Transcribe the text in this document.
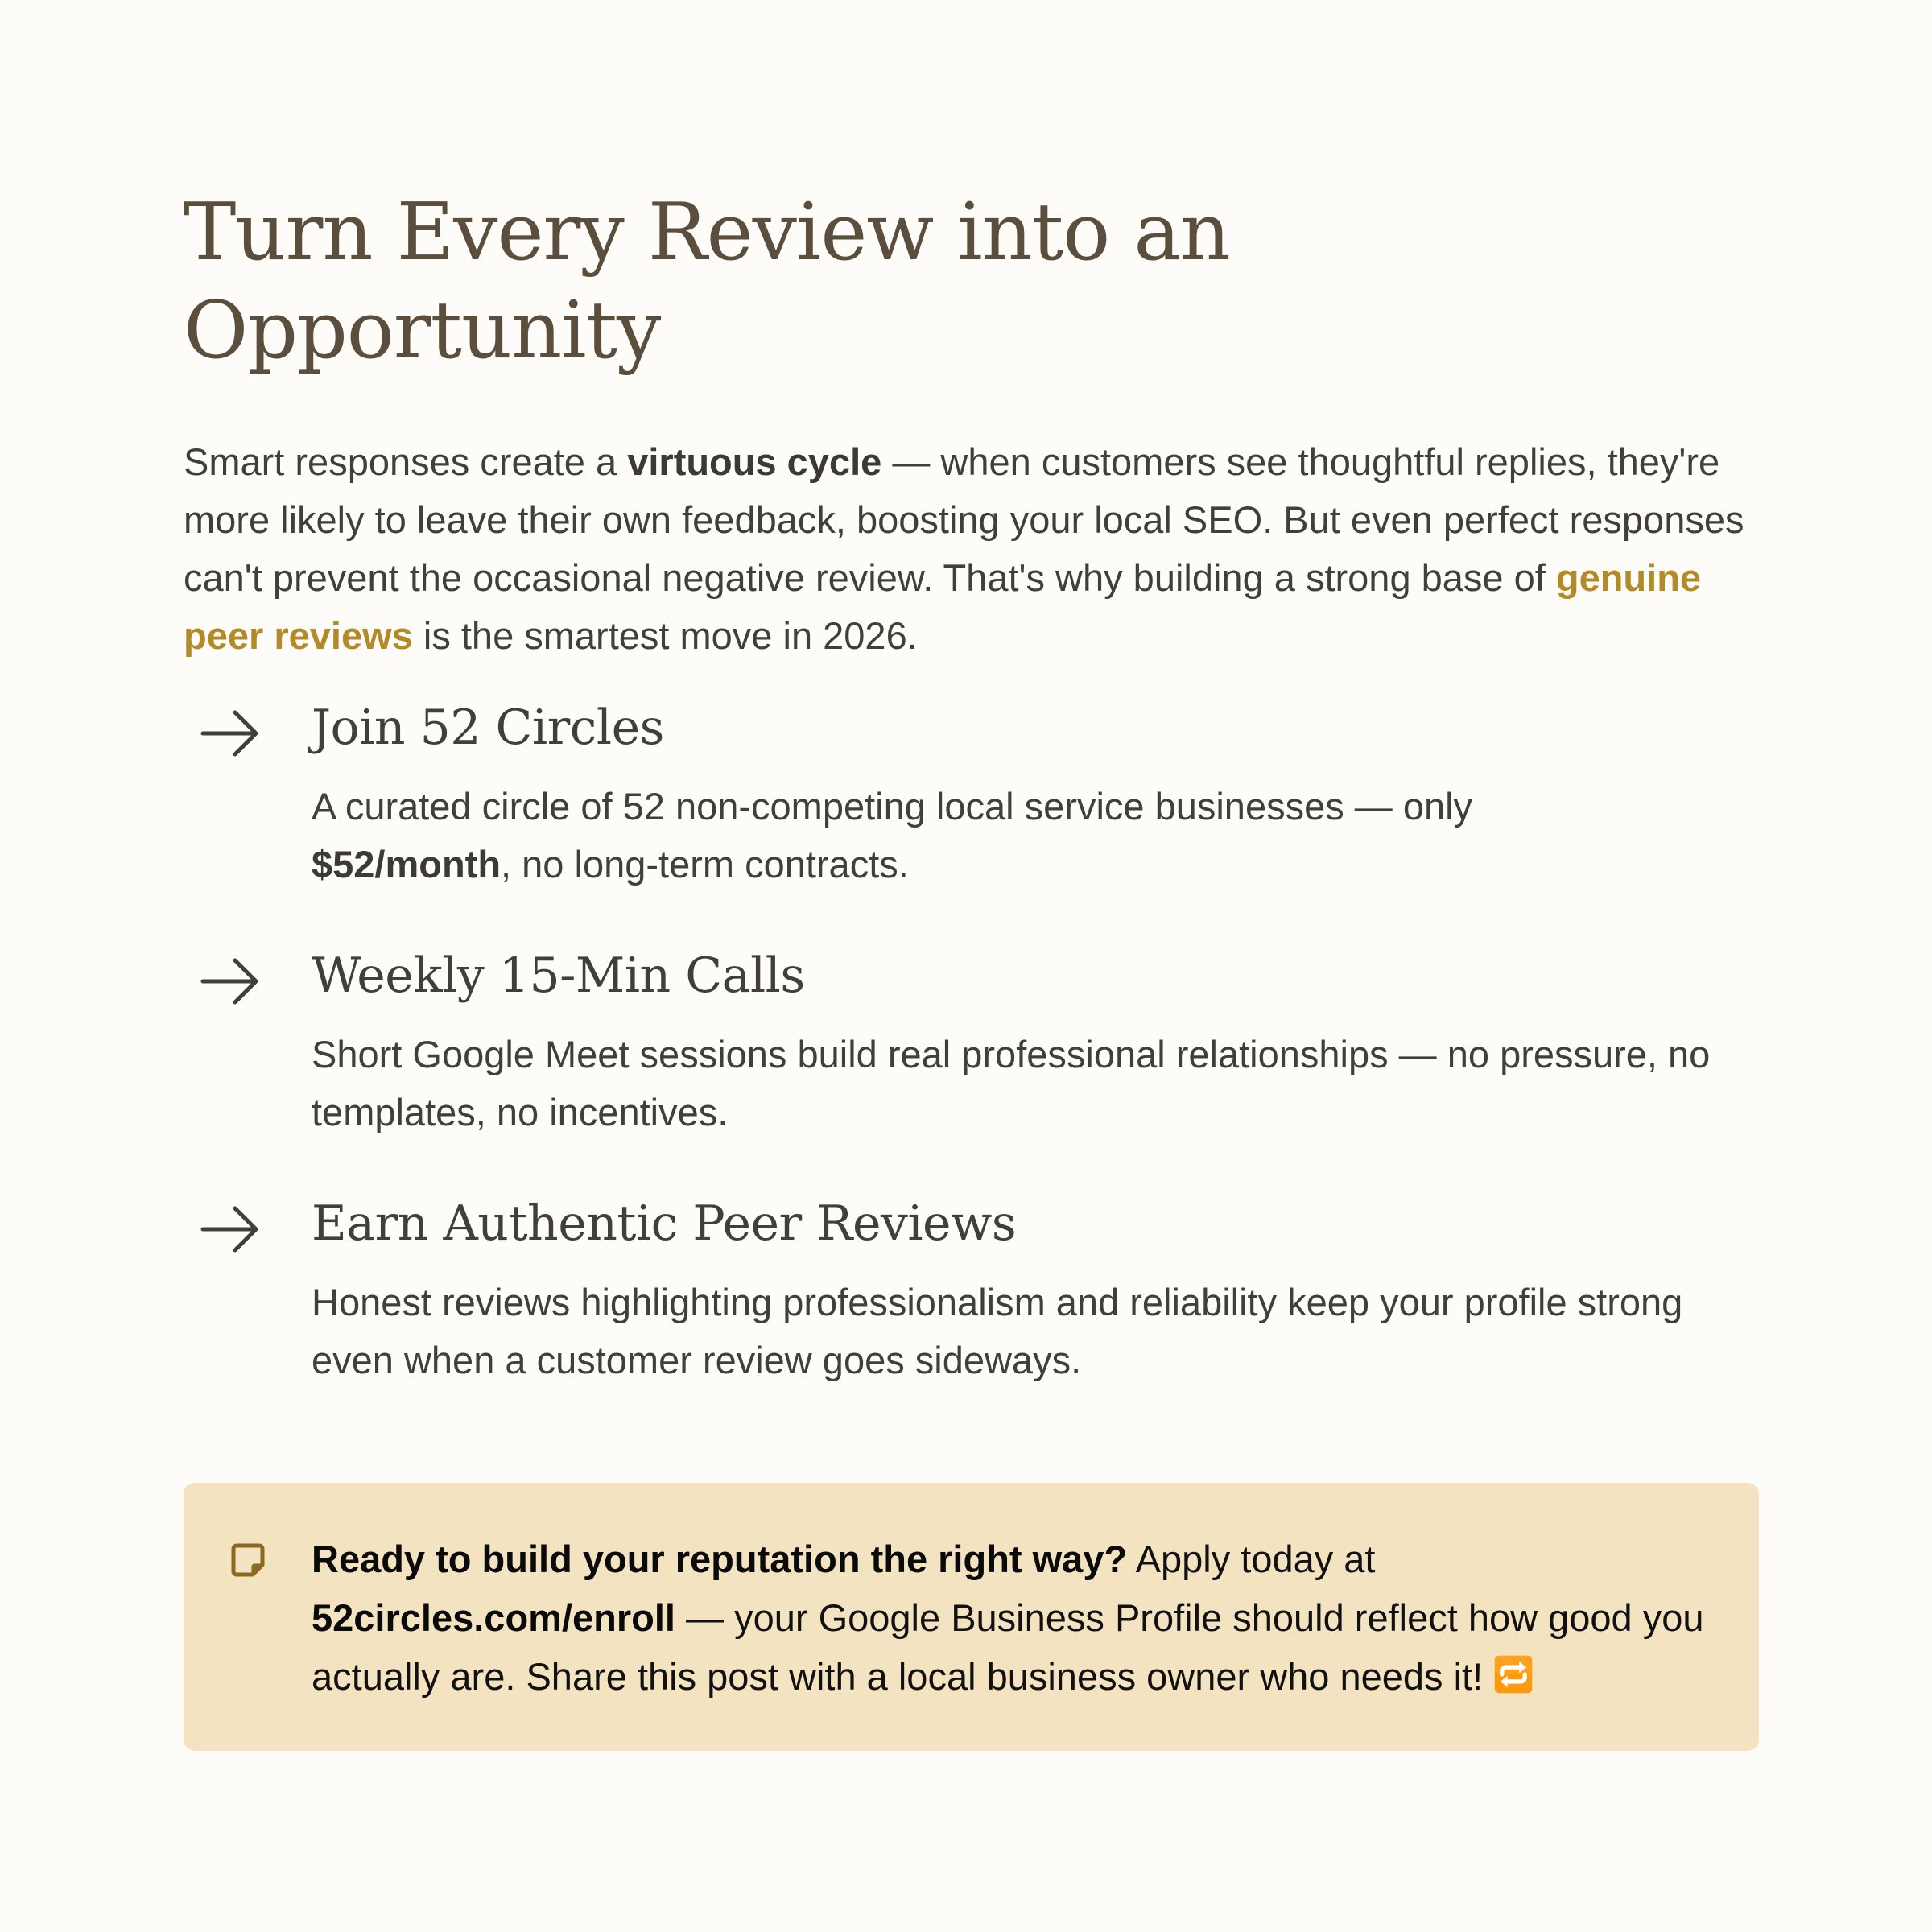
Turn Every Review into an
Opportunity

Smart responses create a virtuous cycle — when customers see thoughtful replies, they're more likely to leave their own feedback, boosting your local SEO. But even perfect responses can't prevent the occasional negative review. That's why building a strong base of genuine peer reviews is the smartest move in 2026.

Join 52 Circles

A curated circle of 52 non-competing local service businesses — only
$52/month, no long-term contracts.

Weekly 15-Min Calls

Short Google Meet sessions build real professional relationships — no pressure, no templates, no incentives.

Earn Authentic Peer Reviews

Honest reviews highlighting professionalism and reliability keep your profile strong even when a customer review goes sideways.

Ready to build your reputation the right way? Apply today at
52circles.com/enroll — your Google Business Profile should reflect how good you actually are. Share this post with a local business owner who needs it!
